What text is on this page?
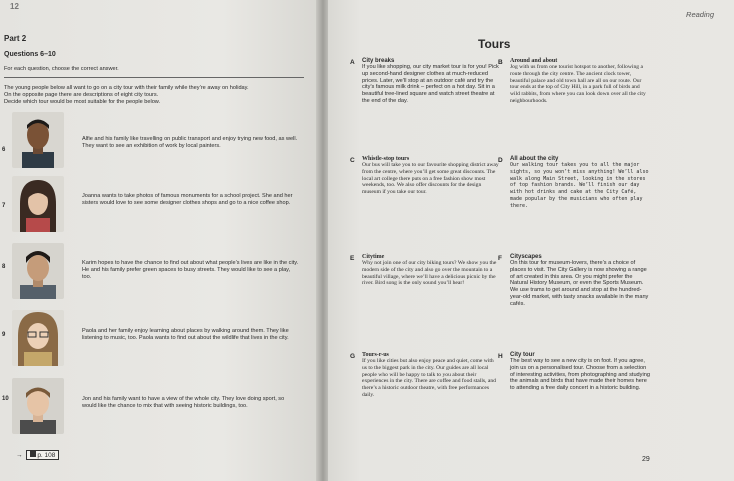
12
Part 2
Questions 6–10
For each question, choose the correct answer.
The young people below all want to go on a city tour with their family while they’re away on holiday.
On the opposite page there are descriptions of eight city tours.
Decide which tour would be most suitable for the people below.
6
Alfie and his family like travelling on public transport and enjoy trying new food, as well. They want to see an exhibition of work by local painters.
7
Joanna wants to take photos of famous monuments for a school project. She and her sisters would love to see some designer clothes shops and go to a nice coffee shop.
8
Karim hopes to have the chance to find out about what people’s lives are like in the city. He and his family prefer green spaces to busy streets. They would like to see a play, too.
9
Paola and her family enjoy learning about places by walking around them. They like listening to music, too. Paola wants to find out about the wildlife that lives in the city.
10	Jon and his family want to have a view of the whole city. They love doing sport, so would like the chance to mix that with seeing historic buildings, too.
→	p. 108
Reading
Tours
A City breaks
If you like shopping, our city market tour is for you! Pick up second-hand designer clothes at much-reduced prices. Later, we’ll stop at an outdoor café and try the city’s famous milk drink – perfect on a hot day. Sit in a beautiful tree-lined square and watch street theatre at the end of the day.
B Around and about
Jog with us from one tourist hotspot to another, following a route through the city centre. The ancient clock tower, beautiful palace and old town hall are all on our route. Our tour ends at the top of City Hill, in a park full of birds and wild rabbits, from where you can look down over all the city neighbourhoods.
C Whistle-stop tours
Our bus will take you to our favourite shopping district away from the centre, where you’ll get some great discounts. The local art college there puts on a free fashion show most weekends, too. We also offer discounts for the design museum if you take our tour.
D All about the city
Our walking tour takes you to all the major sights, so you won’t miss anything! We’ll also walk along Main Street, looking in the stores of top fashion brands. We’ll finish our day with hot drinks and cake at the City Café, made popular by the musicians who often play there.
E Citytime
Why not join one of our city biking tours? We show you the modern side of the city and also go over the mountain to a beautiful village, where we’ll have a delicious picnic by the river. Bird song is the only sound you’ll hear!
F Cityscapes
On this tour for museum-lovers, there’s a choice of places to visit. The City Gallery is now showing a range of art created in this area. Or you might prefer the Natural History Museum, or even the Sports Museum. We use trams to get around and stop at the hundred-year-old market, with tasty snacks available in the many cafés.
G Tours-r-us
If you like cities but also enjoy peace and quiet, come with us to the biggest park in the city. Our guides are all local people who will be happy to talk to you about their experiences in the city. There are coffee and food stalls, and there’s a historic outdoor theatre, with free performances daily.
H City tour
The best way to see a new city is on foot. If you agree, join us on a personalised tour. Choose from a selection of interesting activities, from photographing and studying the animals and birds that have made their homes here to attending a free daily concert in a historic building.
29
